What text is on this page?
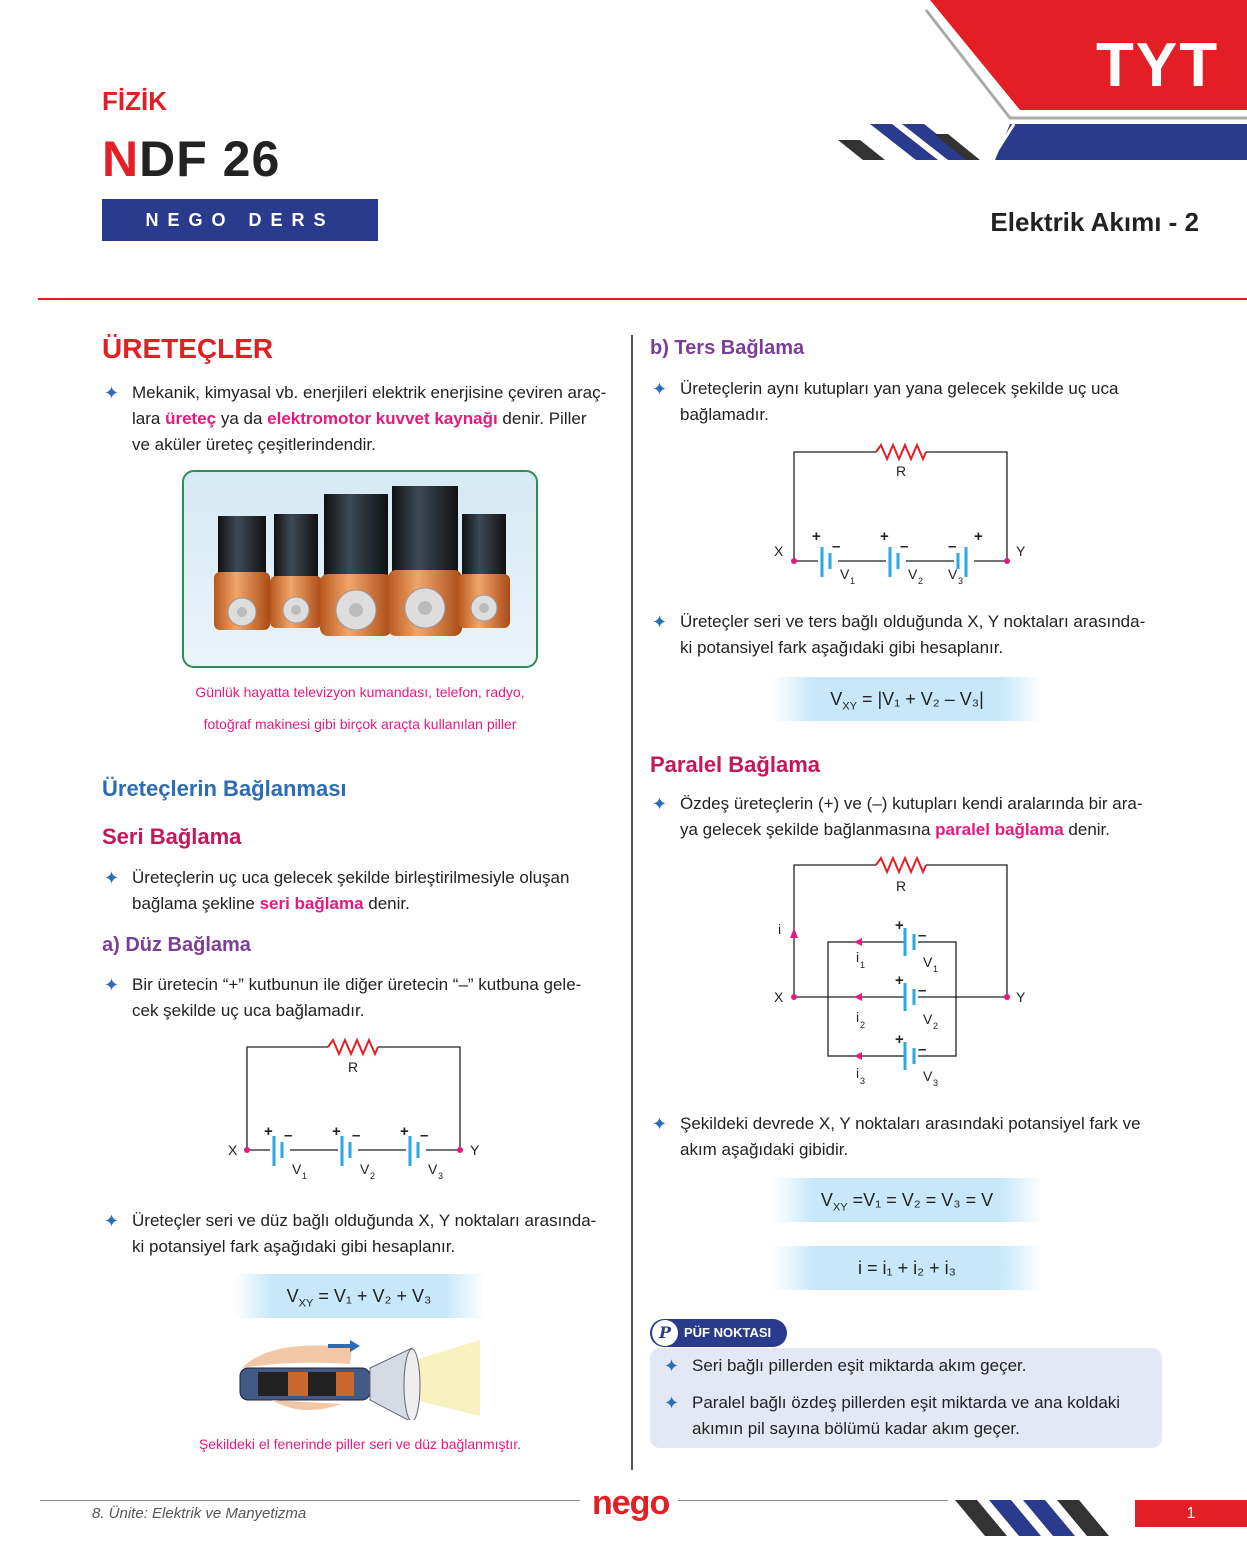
TYT
FİZİK
NDF 26
NEGO DERS FÖYÜ
Elektrik Akımı - 2
ÜRETEÇLER
✦ Mekanik, kimyasal vb. enerjileri elektrik enerjisine çeviren araç-
lara üreteç ya da elektromotor kuvvet kaynağı denir. Piller
ve aküler üreteç çeşitlerindendir.
Günlük hayatta televizyon kumandası, telefon, radyo,
fotoğraf makinesi gibi birçok araçta kullanılan piller
Üreteçlerin Bağlanması
Seri Bağlama
✦ Üreteçlerin uç uca gelecek şekilde birleştirilmesiyle oluşan
bağlama şekline seri bağlama denir.
a) Düz Bağlama
✦ Bir üretecin “+” kutbunun ile diğer üretecin “–” kutbuna gele-
cek şekilde uç uca bağlamadır.
R
+ –	+ –	+ –
X	Y
V 1	V 2	V 3
✦ Üreteçler seri ve düz bağlı olduğunda X, Y noktaları arasında-
ki potansiyel fark aşağıdaki gibi hesaplanır.
$V_{XY} = V_1 + V_2 + V_3$
Şekildeki el fenerinde piller seri ve düz bağlanmıştır.
b) Ters Bağlama
✦ Üreteçlerin aynı kutupları yan yana gelecek şekilde uç uca
bağlamadır.
R
+
–
+
–	–
+
X	Y
V 1	V 2 V 3
✦ Üreteçler seri ve ters bağlı olduğunda X, Y noktaları arasında-
ki potansiyel fark aşağıdaki gibi hesaplanır.
$V_{XY} = |V_1 + V_2 - V_3|$
Paralel Bağlama
✦ Özdeş üreteçlerin (+) ve (–) kutupları kendi aralarında bir ara-
ya gelecek şekilde bağlanmasına paralel bağlama denir.
R
+
–
+
–
+
–
i
X	Y
i 1
i 2
i 3
V 1
V 2
V 3
✦ Şekildeki devrede X, Y noktaları arasındaki potansiyel fark ve
akım aşağıdaki gibidir.
$V_{XY} =V_1 = V_2 = V_3 = V$
i = i₁ + i₂ + i₃
P PÜF NOKTASI
✦ Seri bağlı pillerden eşit miktarda akım geçer.
✦ Paralel bağlı özdeş pillerden eşit miktarda ve ana koldaki
akımın pil sayına bölümü kadar akım geçer.
8. Ünite: Elektrik ve Manyetizma	nego	1
